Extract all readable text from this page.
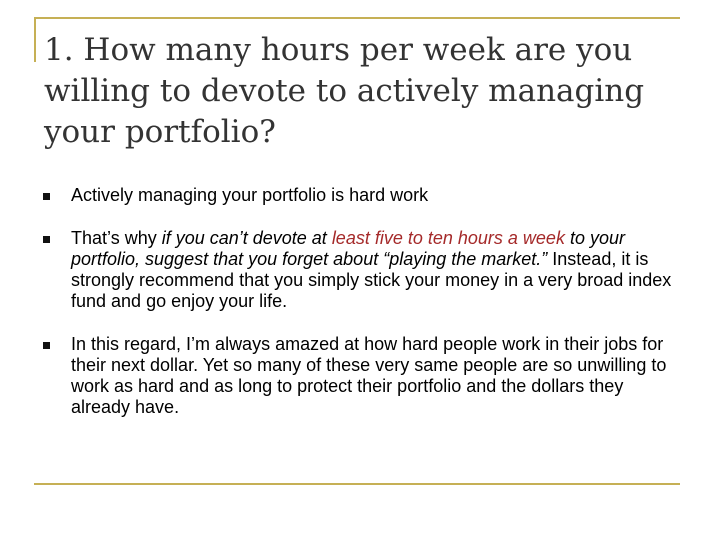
1. How many hours per week are you willing to devote to actively managing your portfolio?
Actively managing your portfolio is hard work
That’s why if you can’t devote at least five to ten hours a week to your portfolio, suggest that you forget about “playing the market.” Instead, it is strongly recommend that you simply stick your money in a very broad index fund and go enjoy your life.
In this regard, I’m always amazed at how hard people work in their jobs for their next dollar. Yet so many of these very same people are so unwilling to work as hard and as long to protect their portfolio and the dollars they already have.
